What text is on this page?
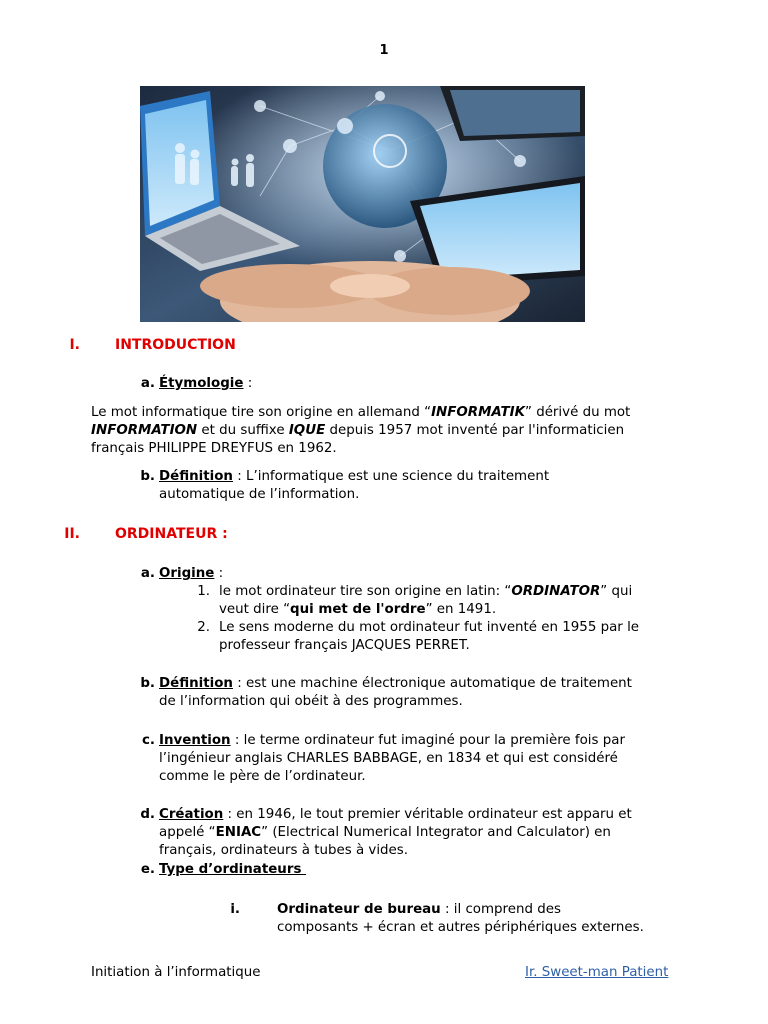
1
I.	INTRODUCTION
a. Étymologie :
Le mot informatique tire son origine en allemand “INFORMATIK” dérivé du mot
INFORMATION et du suffixe IQUE depuis 1957 mot inventé par l'informaticien
français PHILIPPE DREYFUS en 1962.
b. Définition : L’informatique est une science du traitement
automatique de l’information.
II.	ORDINATEUR :
a. Origine :
1. le mot ordinateur tire son origine en latin: “ORDINATOR” qui
veut dire “qui met de l'ordre” en 1491.
2. Le sens moderne du mot ordinateur fut inventé en 1955 par le
professeur français JACQUES PERRET.
b. Définition : est une machine électronique automatique de traitement
de l’information qui obéit à des programmes.
c. Invention : le terme ordinateur fut imaginé pour la première fois par
l’ingénieur anglais CHARLES BABBAGE, en 1834 et qui est considéré
comme le père de l’ordinateur.
d. Création : en 1946, le tout premier véritable ordinateur est apparu et
appelé “ENIAC” (Electrical Numerical Integrator and Calculator) en
français, ordinateurs à tubes à vides.
e. Type d’ordinateurs
i.	Ordinateur de bureau : il comprend des
composants + écran et autres périphériques externes.
Initiation à l’informatique	Ir. Sweet-man Patient
